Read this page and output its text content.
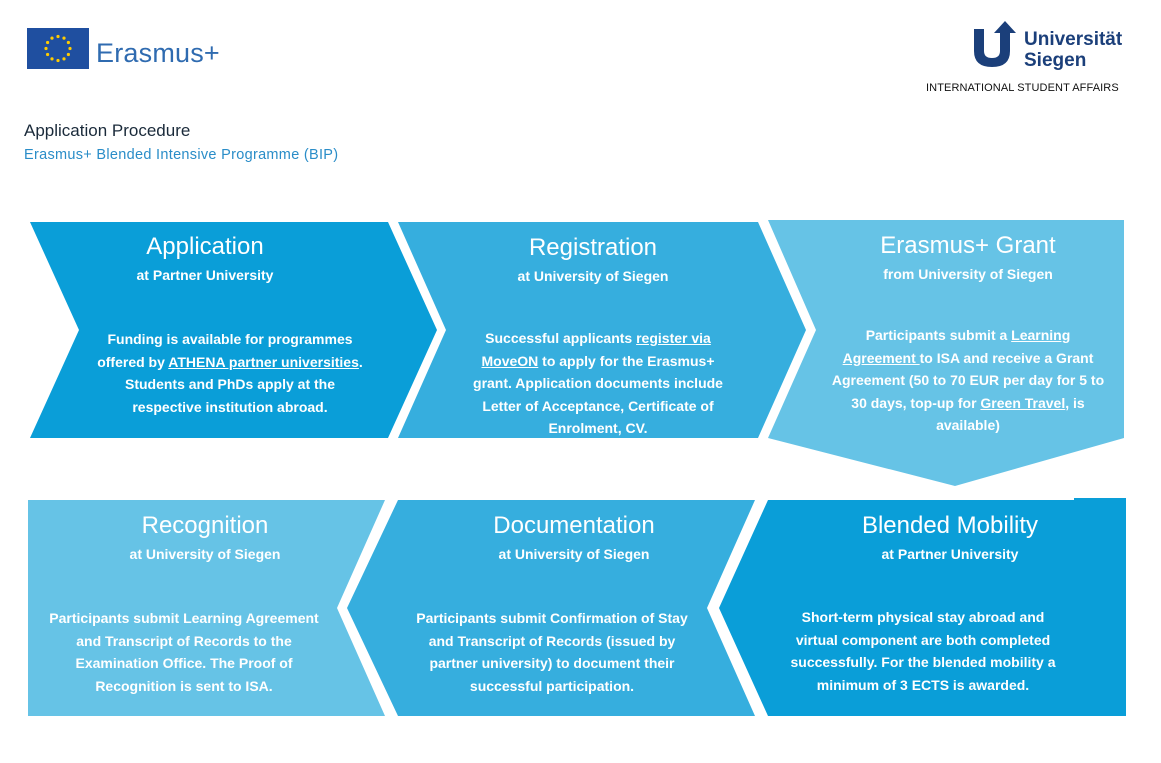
Erasmus+	Universität
Siegen
INTERNATIONAL STUDENT AFFAIRS
Application Procedure
Erasmus+ Blended Intensive Programme (BIP)
Application
at Partner University
Registration
at University of Siegen
Erasmus+ Grant
from University of Siegen
Recognition
at University of Siegen
Documentation
at University of Siegen
Blended Mobility
at Partner University
Funding is available for programmes
offered by ATHENA partner universities.
Students and PhDs apply at the
respective institution abroad.
Successful applicants register via
MoveON to apply for the Erasmus+
grant. Application documents include
Letter of Acceptance, Certificate of
Enrolment, CV.
Participants submit a Learning
Agreement to ISA and receive a Grant
Agreement (50 to 70 EUR per day for 5 to
30 days, top-up for Green Travel, is
available)
Participants submit Learning Agreement
and Transcript of Records to the
Examination Office. The Proof of
Recognition is sent to ISA.
Participants submit Confirmation of Stay
and Transcript of Records (issued by
partner university) to document their
successful participation.
Short-term physical stay abroad and
virtual component are both completed
successfully. For the blended mobility a
minimum of 3 ECTS is awarded.
